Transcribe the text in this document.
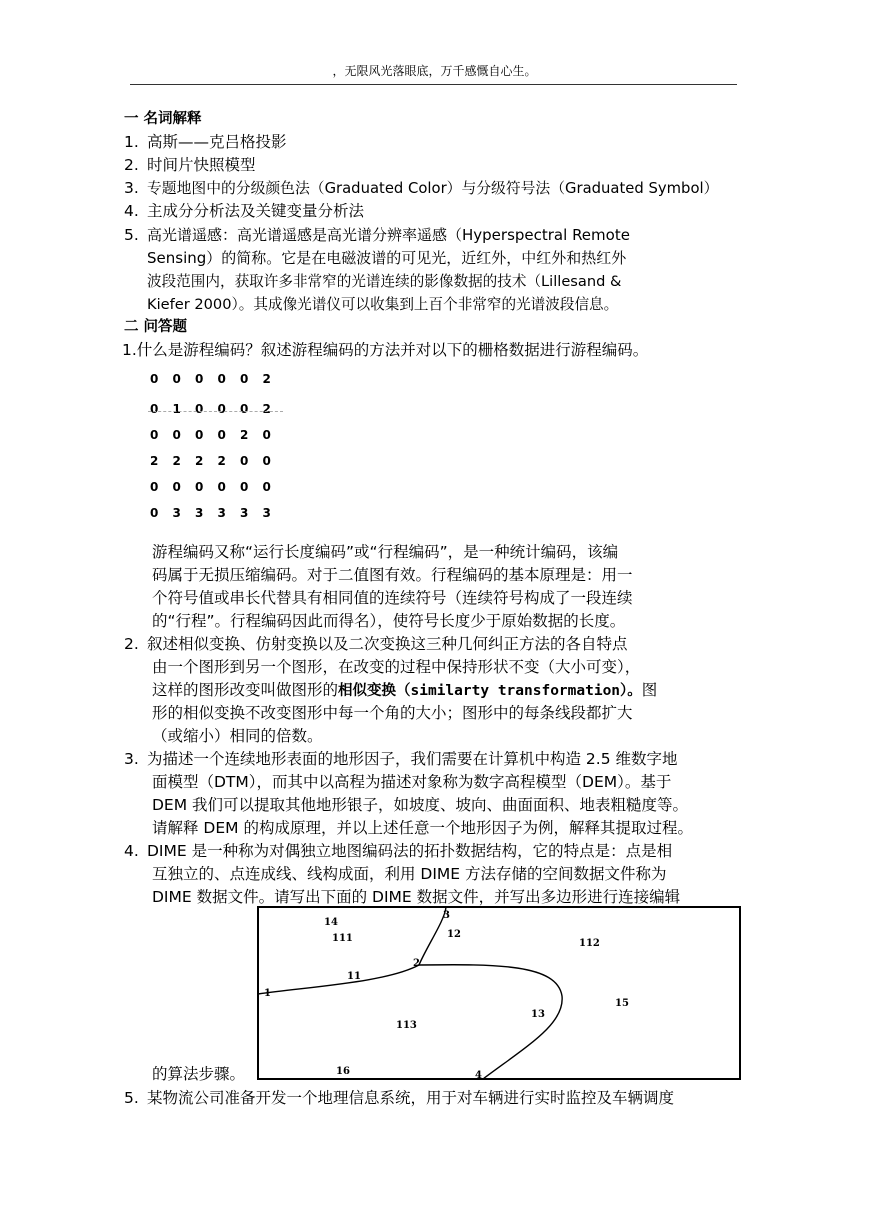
，无限风光落眼底，万千感慨自心生。
一 名词解释
1. 高斯——克吕格投影
2. 时间片快照模型
3. 专题地图中的分级颜色法（Graduated Color）与分级符号法（Graduated Symbol）
4. 主成分分析法及关键变量分析法
5. 高光谱遥感：高光谱遥感是高光谱分辨率遥感（Hyperspectral Remote
Sensing）的简称。它是在电磁波谱的可见光，近红外，中红外和热红外
波段范围内，获取许多非常窄的光谱连续的影像数据的技术（Lillesand &
Kiefer 2000）。其成像光谱仪可以收集到上百个非常窄的光谱波段信息。
二 问答题
1.什么是游程编码？叙述游程编码的方法并对以下的栅格数据进行游程编码。
0	0	0	0	0	2
0	1	0	0	0	2
0	0	0	0	2	0
2	2	2	2	0	0
0	0	0	0	0	0
0	3	3	3	3	3
游程编码又称“运行长度编码”或“行程编码”，是一种统计编码，该编
码属于无损压缩编码。对于二值图有效。行程编码的基本原理是：用一
个符号值或串长代替具有相同值的连续符号（连续符号构成了一段连续
的“行程”。行程编码因此而得名），使符号长度少于原始数据的长度。
2. 叙述相似变换、仿射变换以及二次变换这三种几何纠正方法的各自特点
由一个图形到另一个图形，在改变的过程中保持形状不变（大小可变），
这样的图形改变叫做图形的相似变换（similarty transformation）。图
形的相似变换不改变图形中每一个角的大小；图形中的每条线段都扩大
（或缩小）相同的倍数。
3. 为描述一个连续地形表面的地形因子，我们需要在计算机中构造 2.5 维数字地
面模型（DTM），而其中以高程为描述对象称为数字高程模型（DEM）。基于
DEM 我们可以提取其他地形银子，如坡度、坡向、曲面面积、地表粗糙度等。
请解释 DEM 的构成原理，并以上述任意一个地形因子为例，解释其提取过程。
4. DIME 是一种称为对偶独立地图编码法的拓扑数据结构，它的特点是：点是相
互独立的、点连成线、线构成面，利用 DIME 方法存储的空间数据文件称为
DIME 数据文件。请写出下面的 DIME 数据文件，并写出多边形进行连接编辑
1
2
3
4
11
12
13
14
15
16
111	112
113
的算法步骤。
5. 某物流公司准备开发一个地理信息系统，用于对车辆进行实时监控及车辆调度
